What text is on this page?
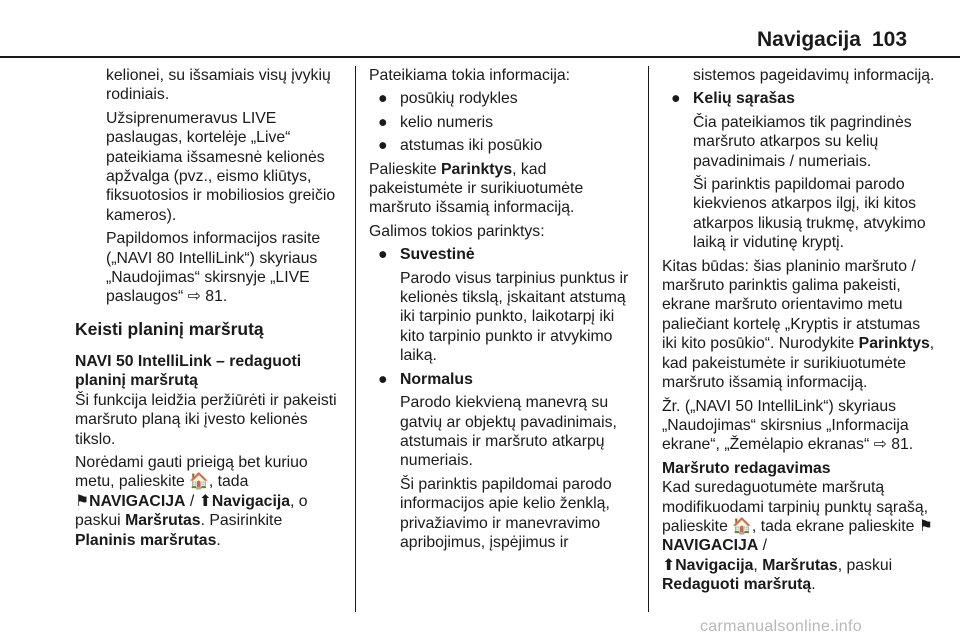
Navigacija 103

kelionei, su išsamiais visų įvykių rodiniais.

Užsiprenumeravus LIVE paslaugas, kortelėje „Live“ pateikiama išsamesnė kelionės apžvalga (pvz., eismo kliūtys, fiksuotosios ir mobiliosios greičio kameros).

Papildomos informacijos rasite („NAVI 80 IntelliLink“) skyriaus „Naudojimas“ skirsnyje „LIVE paslaugos“ ⇨ 81.

Keisti planinį maršrutą

NAVI 50 IntelliLink – redaguoti planinį maršrutą

Ši funkcija leidžia peržiūrėti ir pakeisti maršruto planą iki įvesto kelionės tikslo.

Norėdami gauti prieigą bet kuriuo metu, palieskite 🏠, tada
⚑NAVIGACIJA / ⬆Navigacija, o paskui Maršrutas. Pasirinkite Planinis maršrutas.

Pateikiama tokia informacija:

● posūkių rodykles
● kelio numeris
● atstumas iki posūkio

Palieskite Parinktys, kad pakeistumėte ir surikiuotumėte maršruto išsamią informaciją.

Galimos tokios parinktys:

● Suvestinė

Parodo visus tarpinius punktus ir kelionės tikslą, įskaitant atstumą iki tarpinio punkto, laikotarpį iki kito tarpinio punkto ir atvykimo laiką.

● Normalus

Parodo kiekvieną manevrą su gatvių ar objektų pavadinimais, atstumais ir maršruto atkarpų numeriais.

Ši parinktis papildomai parodo informacijos apie kelio ženklą, privažiavimo ir manevravimo apribojimus, įspėjimus ir

sistemos pageidavimų informaciją.

● Kelių sąrašas

Čia pateikiamos tik pagrindinės maršruto atkarpos su kelių pavadinimais / numeriais.

Ši parinktis papildomai parodo kiekvienos atkarpos ilgį, iki kitos atkarpos likusią trukmę, atvykimo laiką ir vidutinę kryptį.

Kitas būdas: šias planinio maršruto / maršruto parinktis galima pakeisti, ekrane maršruto orientavimo metu paliečiant kortelę „Kryptis ir atstumas iki kito posūkio“. Nurodykite Parinktys, kad pakeistumėte ir surikiuotumėte maršruto išsamią informaciją.

Žr. („NAVI 50 IntelliLink“) skyriaus „Naudojimas“ skirsnius „Informacija ekrane“, „Žemėlapio ekranas“ ⇨ 81.

Maršruto redagavimas

Kad suredaguotumėte maršrutą modifikuodami tarpinių punktų sąrašą, palieskite 🏠, tada ekrane palieskite ⚑NAVIGACIJA /
⬆Navigacija, Maršrutas, paskui
Redaguoti maršrutą.

carmanualsonline.info
